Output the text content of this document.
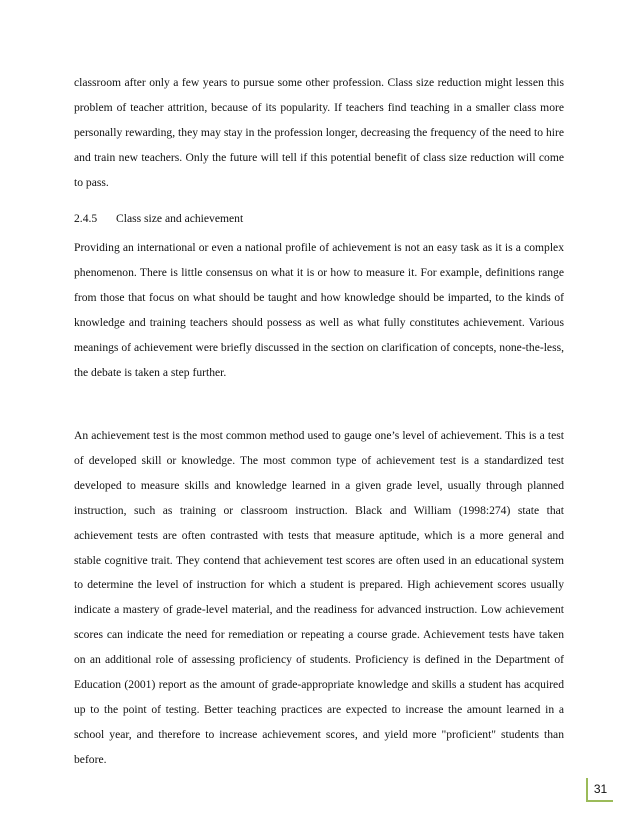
classroom after only a few years to pursue some other profession. Class size reduction might lessen this problem of teacher attrition, because of its popularity. If teachers find teaching in a smaller class more personally rewarding, they may stay in the profession longer, decreasing the frequency of the need to hire and train new teachers. Only the future will tell if this potential benefit of class size reduction will come to pass.

2.4.5 Class size and achievement

Providing an international or even a national profile of achievement is not an easy task as it is a complex phenomenon. There is little consensus on what it is or how to measure it. For example, definitions range from those that focus on what should be taught and how knowledge should be imparted, to the kinds of knowledge and training teachers should possess as well as what fully constitutes achievement. Various meanings of achievement were briefly discussed in the section on clarification of concepts, none-the-less, the debate is taken a step further.

An achievement test is the most common method used to gauge one’s level of achievement. This is a test of developed skill or knowledge. The most common type of achievement test is a standardized test developed to measure skills and knowledge learned in a given grade level, usually through planned instruction, such as training or classroom instruction. Black and William (1998:274) state that achievement tests are often contrasted with tests that measure aptitude, which is a more general and stable cognitive trait. They contend that achievement test scores are often used in an educational system to determine the level of instruction for which a student is prepared. High achievement scores usually indicate a mastery of grade-level material, and the readiness for advanced instruction. Low achievement scores can indicate the need for remediation or repeating a course grade. Achievement tests have taken on an additional role of assessing proficiency of students. Proficiency is defined in the Department of Education (2001) report as the amount of grade-appropriate knowledge and skills a student has acquired up to the point of testing. Better teaching practices are expected to increase the amount learned in a school year, and therefore to increase achievement scores, and yield more "proficient" students than before.

31
